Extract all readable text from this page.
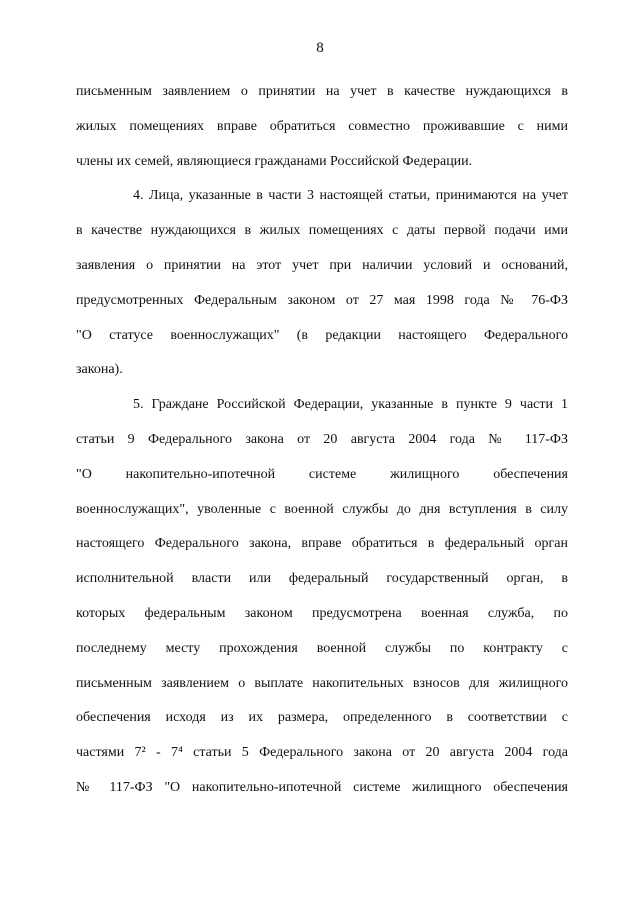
8
письменным заявлением о принятии на учет в качестве нуждающихся в
жилых помещениях вправе обратиться совместно проживавшие с ними
члены их семей, являющиеся гражданами Российской Федерации.
4. Лица, указанные в части 3 настоящей статьи, принимаются на учет
в качестве нуждающихся в жилых помещениях с даты первой подачи ими
заявления о принятии на этот учет при наличии условий и оснований,
предусмотренных Федеральным законом от 27 мая 1998 года № 76-ФЗ
"О статусе военнослужащих" (в редакции настоящего Федерального
закона).
5. Граждане Российской Федерации, указанные в пункте 9 части 1
статьи 9 Федерального закона от 20 августа 2004 года № 117-ФЗ
"О накопительно-ипотечной системе жилищного обеспечения
военнослужащих", уволенные с военной службы до дня вступления в силу
настоящего Федерального закона, вправе обратиться в федеральный орган
исполнительной власти или федеральный государственный орган, в
которых федеральным законом предусмотрена военная служба, по
последнему месту прохождения военной службы по контракту с
письменным заявлением о выплате накопительных взносов для жилищного
обеспечения исходя из их размера, определенного в соответствии с
частями 7² - 7⁴ статьи 5 Федерального закона от 20 августа 2004 года
№ 117-ФЗ "О накопительно-ипотечной системе жилищного обеспечения
